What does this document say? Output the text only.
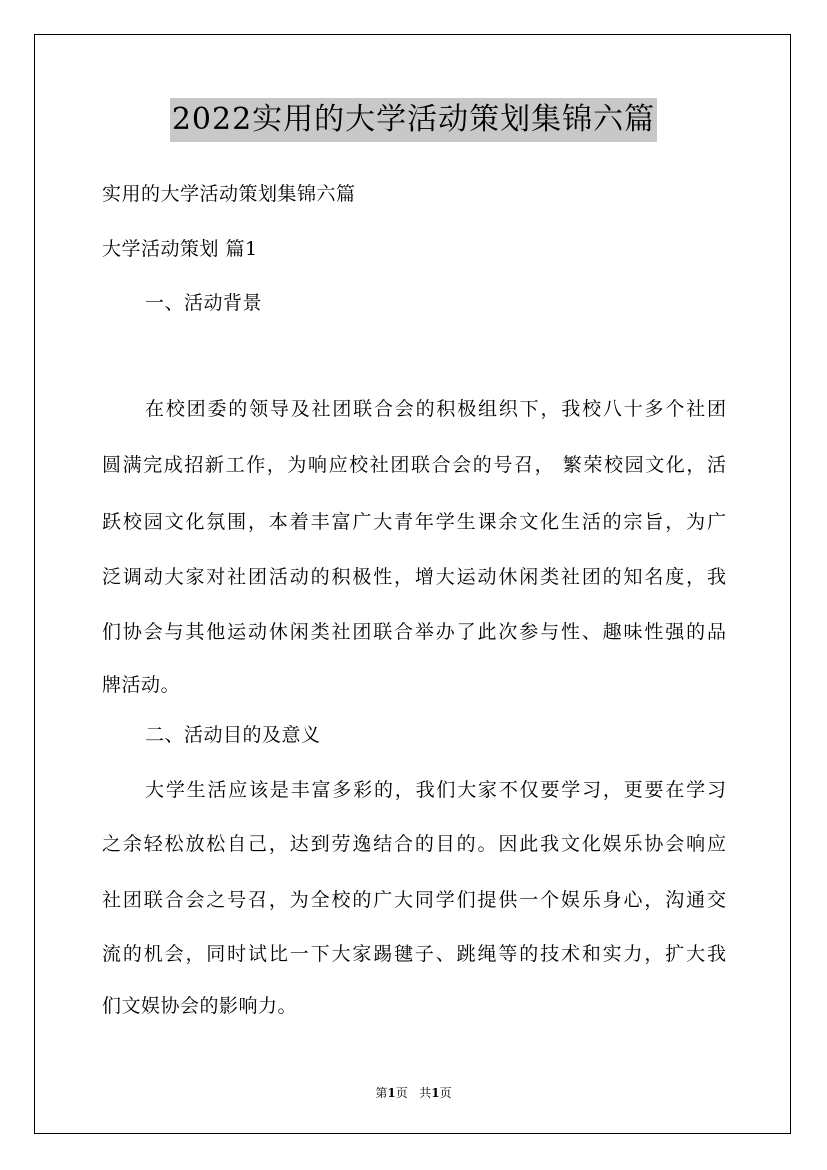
2022实用的大学活动策划集锦六篇
实用的大学活动策划集锦六篇
大学活动策划 篇1
一、活动背景
在校团委的领导及社团联合会的积极组织下，我校八十多个社团
圆满完成招新工作，为响应校社团联合会的号召， 繁荣校园文化，活
跃校园文化氛围，本着丰富广大青年学生课余文化生活的宗旨，为广
泛调动大家对社团活动的积极性，增大运动休闲类社团的知名度，我
们协会与其他运动休闲类社团联合举办了此次参与性、趣味性强的品
牌活动。
二、活动目的及意义
大学生活应该是丰富多彩的，我们大家不仅要学习，更要在学习
之余轻松放松自己，达到劳逸结合的目的。因此我文化娱乐协会响应
社团联合会之号召，为全校的广大同学们提供一个娱乐身心，沟通交
流的机会，同时试比一下大家踢毽子、跳绳等的技术和实力，扩大我
们文娱协会的影响力。
第1页 共1页
